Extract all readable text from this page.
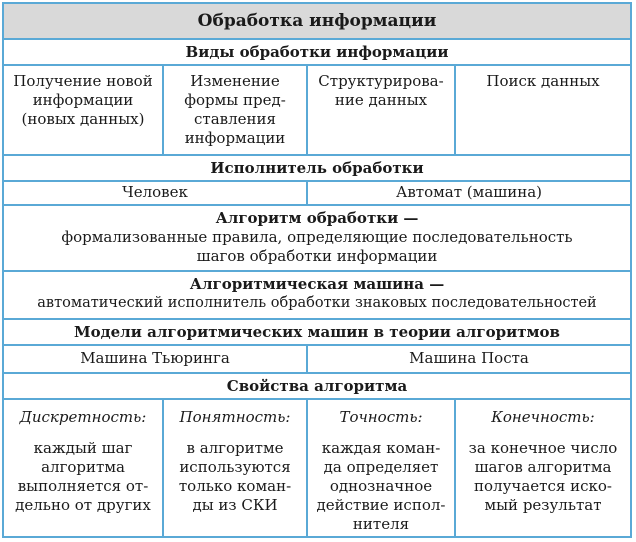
Обработка информации
Виды обработки информации
Получение новой
информации
(новых данных)
Изменение
формы пред-
ставления
информации
Структурирова-
ние данных
Поиск данных
Исполнитель обработки
Человек	Автомат (машина)
Алгоритм обработки —
формализованные правила, определяющие последовательность
шагов обработки информации
Алгоритмическая машина —
автоматический исполнитель обработки знаковых последовательностей
Модели алгоритмических машин в теории алгоритмов
Машина Тьюринга	Машина Поста
Свойства алгоритма
Дискретность:
каждый шаг
алгоритма
выполняется от-
дельно от других
Понятность:
в алгоритме
используются
только коман-
ды из СКИ
Точность:
каждая коман-
да определяет
однозначное
действие испол-
нителя
Конечность:
за конечное число
шагов алгоритма
получается иско-
мый результат
